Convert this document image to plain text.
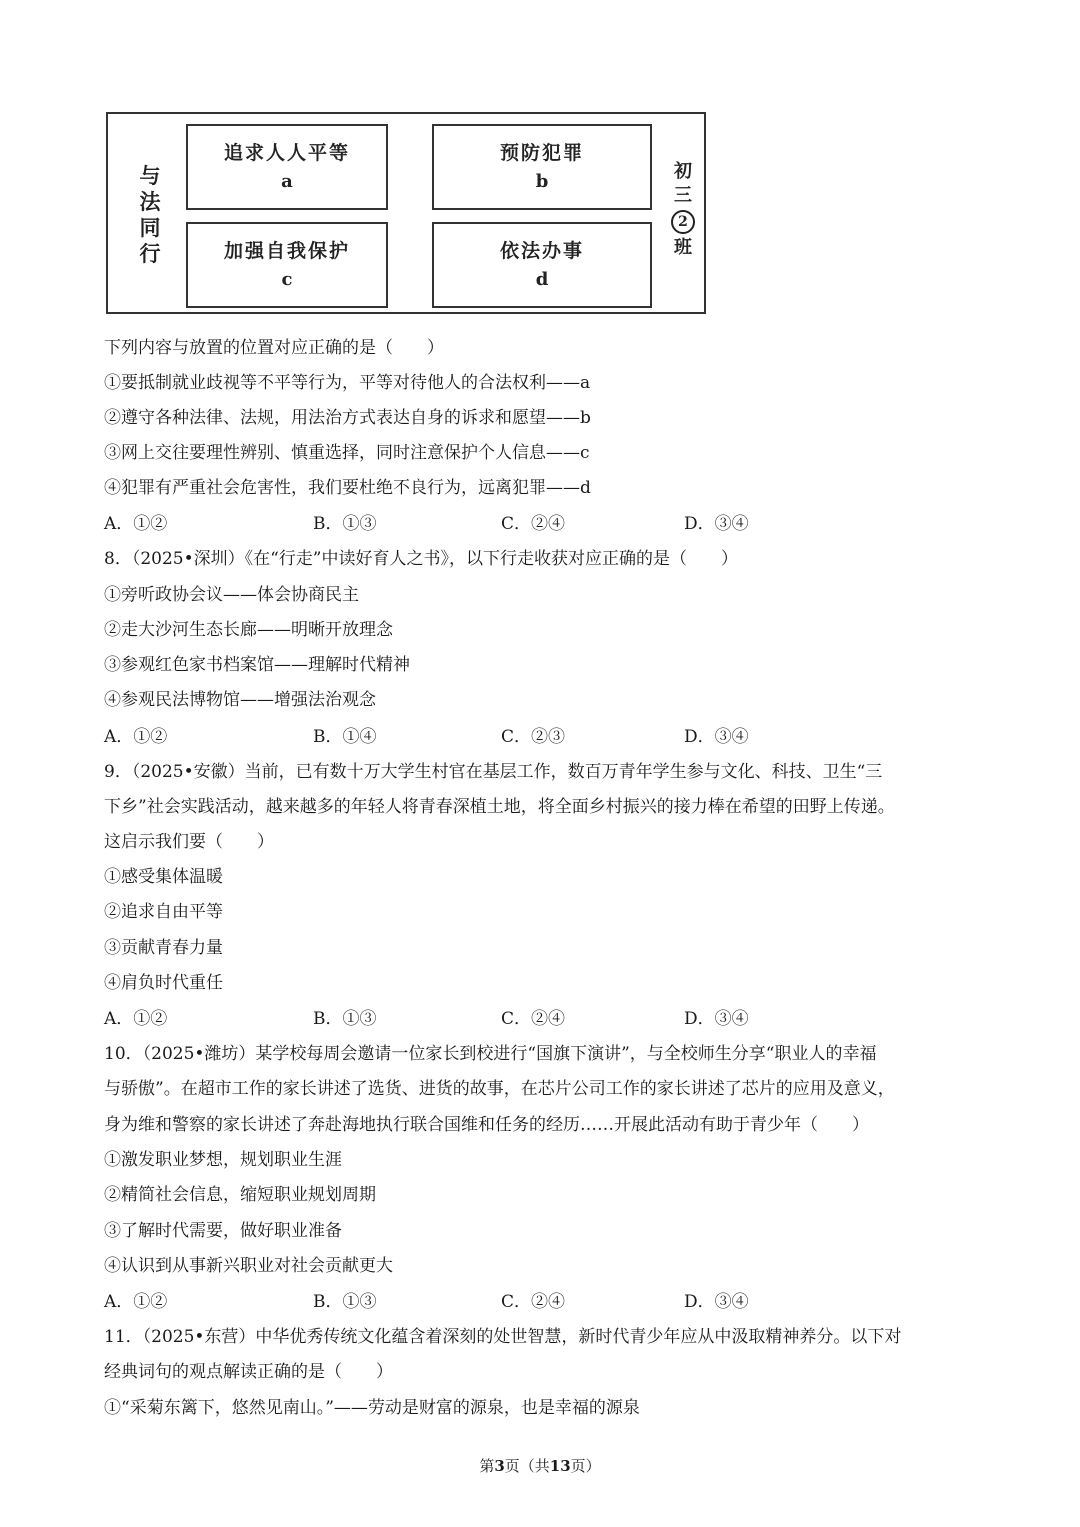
与
法
同
行
追求人人平等
a
预防犯罪
b
加强自我保护
c
依法办事
d
初
三
2
班
下列内容与放置的位置对应正确的是（　　）
①要抵制就业歧视等不平等行为，平等对待他人的合法权利——a
②遵守各种法律、法规，用法治方式表达自身的诉求和愿望——b
③网上交往要理性辨别、慎重选择，同时注意保护个人信息——c
④犯罪有严重社会危害性，我们要杜绝不良行为，远离犯罪——d
A．①②	B．①③	C．②④	D．③④
8．（2025•深圳）《在“行走”中读好育人之书》，以下行走收获对应正确的是（　　）
①旁听政协会议——体会协商民主
②走大沙河生态长廊——明晰开放理念
③参观红色家书档案馆——理解时代精神
④参观民法博物馆——增强法治观念
A．①②	B．①④	C．②③	D．③④
9．（2025•安徽）当前，已有数十万大学生村官在基层工作，数百万青年学生参与文化、科技、卫生“三
下乡”社会实践活动，越来越多的年轻人将青春深植土地，将全面乡村振兴的接力棒在希望的田野上传递。
这启示我们要（　　）
①感受集体温暖
②追求自由平等
③贡献青春力量
④肩负时代重任
A．①②	B．①③	C．②④	D．③④
10．（2025•潍坊）某学校每周会邀请一位家长到校进行“国旗下演讲”，与全校师生分享“职业人的幸福
与骄傲”。在超市工作的家长讲述了选货、进货的故事，在芯片公司工作的家长讲述了芯片的应用及意义，
身为维和警察的家长讲述了奔赴海地执行联合国维和任务的经历……开展此活动有助于青少年（　　）
①激发职业梦想，规划职业生涯
②精简社会信息，缩短职业规划周期
③了解时代需要，做好职业准备
④认识到从事新兴职业对社会贡献更大
A．①②	B．①③	C．②④	D．③④
11．（2025•东营）中华优秀传统文化蕴含着深刻的处世智慧，新时代青少年应从中汲取精神养分。以下对
经典词句的观点解读正确的是（　　）
①“采菊东篱下，悠然见南山。”——劳动是财富的源泉，也是幸福的源泉
第3页（共13页）
